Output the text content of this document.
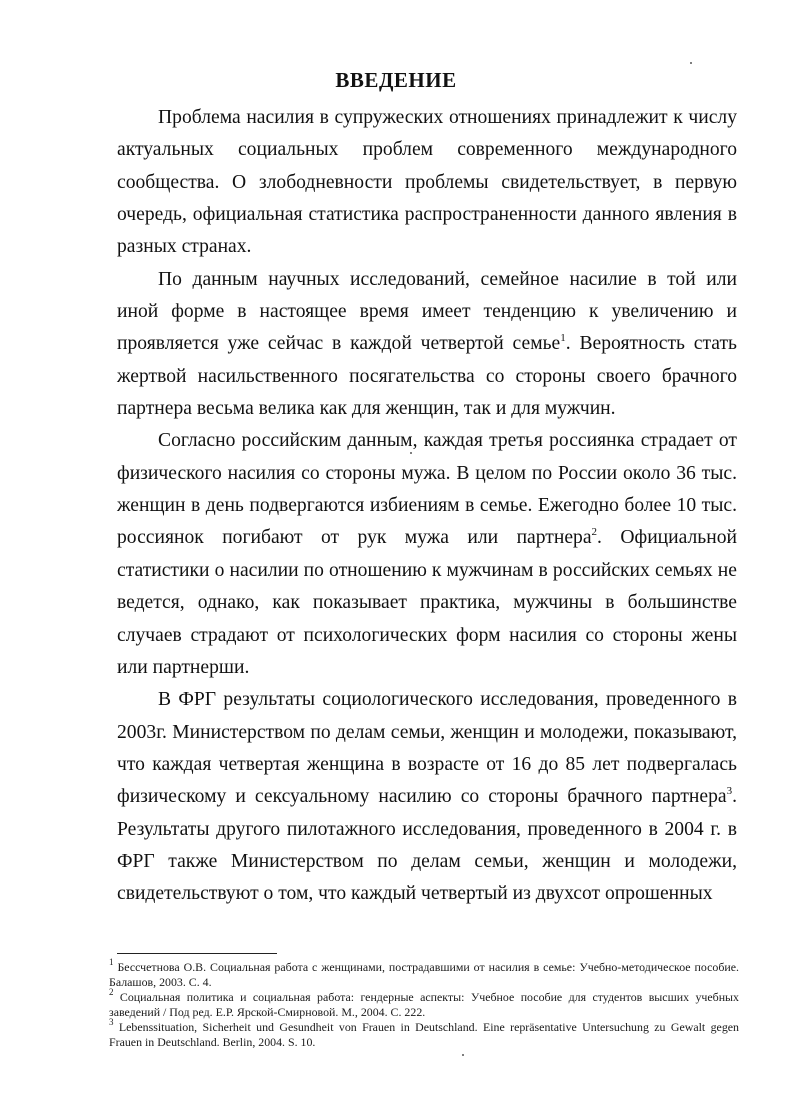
ВВЕДЕНИЕ

Проблема насилия в супружеских отношениях принадлежит к числу актуальных социальных проблем современного международного сообщества. О злободневности проблемы свидетельствует, в первую очередь, официальная статистика распространенности данного явления в разных странах.

По данным научных исследований, семейное насилие в той или иной форме в настоящее время имеет тенденцию к увеличению и проявляется уже сейчас в каждой четвертой семье$^1$. Вероятность стать жертвой насильственного посягательства со стороны своего брачного партнера весьма велика как для женщин, так и для мужчин.

Согласно российским данным, каждая третья россиянка страдает от физического насилия со стороны мужа. В целом по России около 36 тыс. женщин в день подвергаются избиениям в семье. Ежегодно более 10 тыс. россиянок погибают от рук мужа или партнера$^2$. Официальной статистики о насилии по отношению к мужчинам в российских семьях не ведется, однако, как показывает практика, мужчины в большинстве случаев страдают от психологических форм насилия со стороны жены или партнерши.

В ФРГ результаты социологического исследования, проведенного в 2003г. Министерством по делам семьи, женщин и молодежи, показывают, что каждая четвертая женщина в возрасте от 16 до 85 лет подвергалась физическому и сексуальному насилию со стороны брачного партнера$^3$. Результаты другого пилотажного исследования, проведенного в 2004 г. в ФРГ также Министерством по делам семьи, женщин и молодежи, свидетельствуют о том, что каждый четвертый из двухсот опрошенных

$^1$ Бессчетнова О.В. Социальная работа с женщинами, пострадавшими от насилия в семье: Учебно-методическое пособие. Балашов, 2003. С. 4.

$^2$ Социальная политика и социальная работа: гендерные аспекты: Учебное пособие для студентов высших учебных заведений / Под ред. Е.Р. Ярской-Смирновой. М., 2004. С. 222.

$^3$ Lebenssituation, Sicherheit und Gesundheit von Frauen in Deutschland. Eine repräsentative Untersuchung zu Gewalt gegen Frauen in Deutschland. Berlin, 2004. S. 10.
